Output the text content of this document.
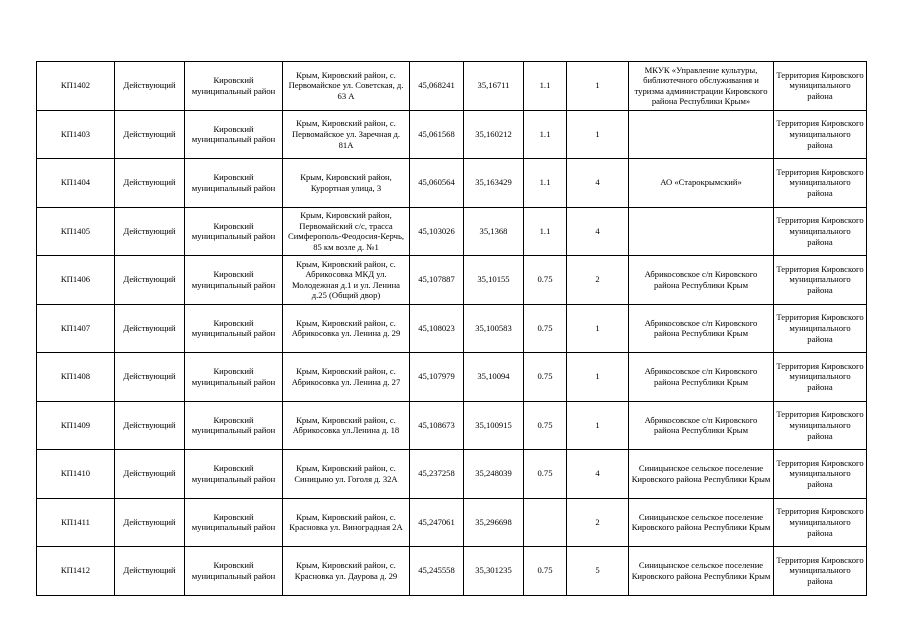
КП1402	Действующий	Кировский муниципальный район	Крым, Кировский район, с. Первомайское ул. Советская, д. 63 А	45,068241	35,16711	1.1	1	МКУК «Управление культуры, библиотечного обслуживания и туризма администрации Кировского района Республики Крым»	Территория Кировского муниципального района
КП1403	Действующий	Кировский муниципальный район	Крым, Кировский район, с. Первомайское ул. Заречная д. 81А	45,061568	35,160212	1.1	1		Территория Кировского муниципального района
КП1404	Действующий	Кировский муниципальный район	Крым, Кировский район, Курортная улица, 3	45,060564	35,163429	1.1	4	АО «Старокрымский»	Территория Кировского муниципального района
КП1405	Действующий	Кировский муниципальный район	Крым, Кировский район, Первомайский с/с, трасса Симферополь-Феодосия-Керчь, 85 км возле д. №1	45,103026	35,1368	1.1	4		Территория Кировского муниципального района
КП1406	Действующий	Кировский муниципальный район	Крым, Кировский район, с. Абрикосовка МКД ул. Молодежная д.1 и ул. Ленина д.25 (Общий двор)	45,107887	35,10155	0.75	2	Абрикосовское с/п Кировского района Республики Крым	Территория Кировского муниципального района
КП1407	Действующий	Кировский муниципальный район	Крым, Кировский район, с. Абрикосовка ул. Ленина д. 29	45,108023	35,100583	0.75	1	Абрикосовское с/п Кировского района Республики Крым	Территория Кировского муниципального района
КП1408	Действующий	Кировский муниципальный район	Крым, Кировский район, с. Абрикосовка ул. Ленина д. 27	45,107979	35,10094	0.75	1	Абрикосовское с/п Кировского района Республики Крым	Территория Кировского муниципального района
КП1409	Действующий	Кировский муниципальный район	Крым, Кировский район, с. Абрикосовка ул.Ленина д. 18	45,108673	35,100915	0.75	1	Абрикосовское с/п Кировского района Республики Крым	Территория Кировского муниципального района
КП1410	Действующий	Кировский муниципальный район	Крым, Кировский район, с. Синицыно ул. Гоголя д. 32А	45,237258	35,248039	0.75	4	Синицынское сельское поселение Кировского района Республики Крым	Территория Кировского муниципального района
КП1411	Действующий	Кировский муниципальный район	Крым, Кировский район, с. Красновка ул. Виноградная 2А	45,247061	35,296698		2	Синицынское сельское поселение Кировского района Республики Крым	Территория Кировского муниципального района
КП1412	Действующий	Кировский муниципальный район	Крым, Кировский район, с. Красновка ул. Даурова д. 29	45,245558	35,301235	0.75	5	Синицынское сельское поселение Кировского района Республики Крым	Территория Кировского муниципального района
